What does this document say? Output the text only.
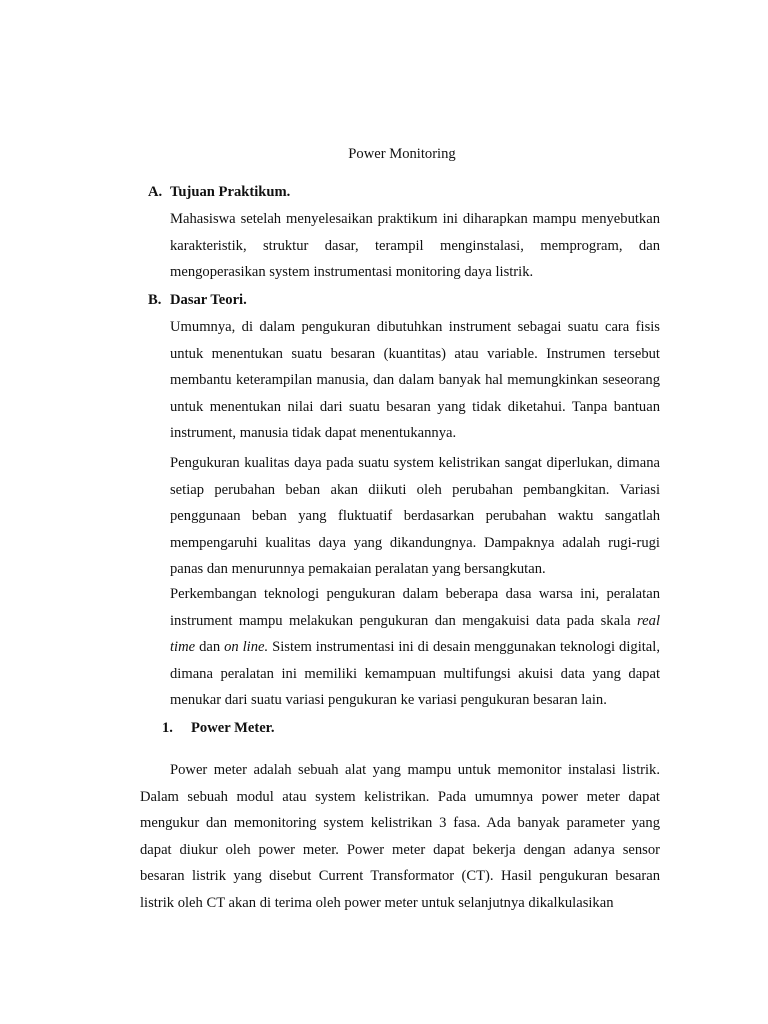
Power Monitoring
A. Tujuan Praktikum.

Mahasiswa setelah menyelesaikan praktikum ini diharapkan mampu menyebutkan karakteristik, struktur dasar, terampil menginstalasi, memprogram, dan mengoperasikan system instrumentasi monitoring daya listrik.

B. Dasar Teori.

Umumnya, di dalam pengukuran dibutuhkan instrument sebagai suatu cara fisis untuk menentukan suatu besaran (kuantitas) atau variable. Instrumen tersebut membantu keterampilan manusia, dan dalam banyak hal memungkinkan seseorang untuk menentukan nilai dari suatu besaran yang tidak diketahui. Tanpa bantuan instrument, manusia tidak dapat menentukannya.

Pengukuran kualitas daya pada suatu system kelistrikan sangat diperlukan, dimana setiap perubahan beban akan diikuti oleh perubahan pembangkitan. Variasi penggunaan beban yang fluktuatif berdasarkan perubahan waktu sangatlah mempengaruhi kualitas daya yang dikandungnya. Dampaknya adalah rugi-rugi panas dan menurunnya pemakaian peralatan yang bersangkutan.

Perkembangan teknologi pengukuran dalam beberapa dasa warsa ini, peralatan instrument mampu melakukan pengukuran dan mengakuisi data pada skala real time dan on line. Sistem instrumentasi ini di desain menggunakan teknologi digital, dimana peralatan ini memiliki kemampuan multifungsi akuisi data yang dapat menukar dari suatu variasi pengukuran ke variasi pengukuran besaran lain.

1. Power Meter.

Power meter adalah sebuah alat yang mampu untuk memonitor instalasi listrik. Dalam sebuah modul atau system kelistrikan. Pada umumnya power meter dapat mengukur dan memonitoring system kelistrikan 3 fasa. Ada banyak parameter yang dapat diukur oleh power meter. Power meter dapat bekerja dengan adanya sensor besaran listrik yang disebut Current Transformator (CT). Hasil pengukuran besaran listrik oleh CT akan di terima oleh power meter untuk selanjutnya dikalkulasikan
